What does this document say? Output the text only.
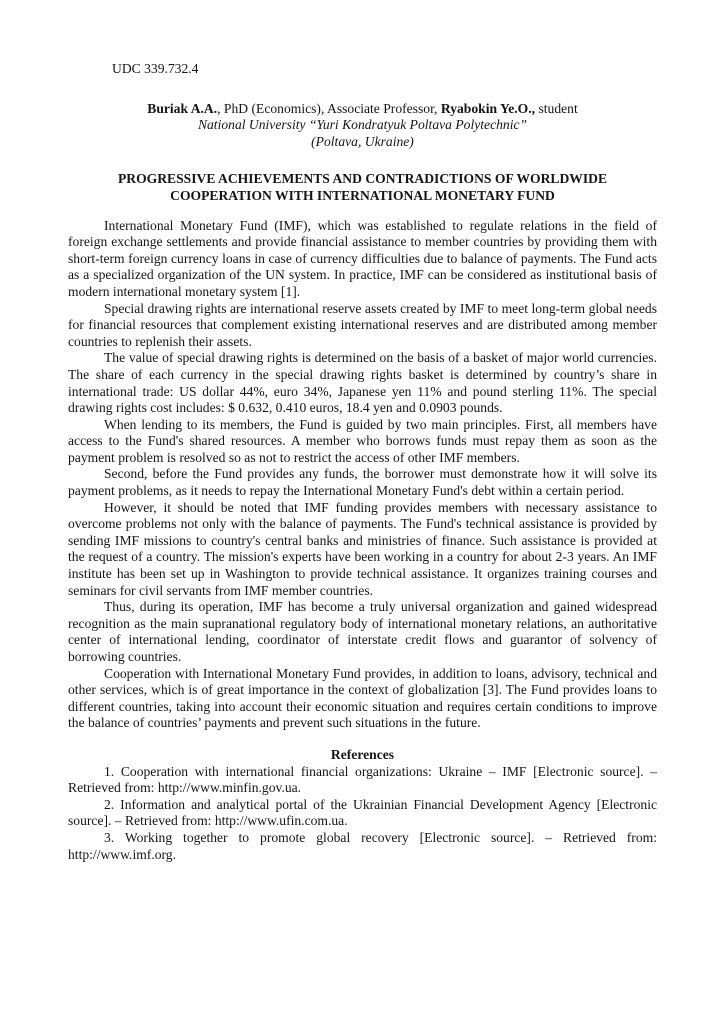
UDC 339.732.4
Buriak A.A., PhD (Economics), Associate Professor, Ryabokin Ye.O., student
National University “Yuri Kondratyuk Poltava Polytechnic”
(Poltava, Ukraine)
PROGRESSIVE ACHIEVEMENTS AND CONTRADICTIONS OF WORLDWIDE COOPERATION WITH INTERNATIONAL MONETARY FUND

International Monetary Fund (IMF), which was established to regulate relations in the field of foreign exchange settlements and provide financial assistance to member countries by providing them with short-term foreign currency loans in case of currency difficulties due to balance of payments. The Fund acts as a specialized organization of the UN system. In practice, IMF can be considered as institutional basis of modern international monetary system [1].

Special drawing rights are international reserve assets created by IMF to meet long-term global needs for financial resources that complement existing international reserves and are distributed among member countries to replenish their assets.

The value of special drawing rights is determined on the basis of a basket of major world currencies. The share of each currency in the special drawing rights basket is determined by country’s share in international trade: US dollar 44%, euro 34%, Japanese yen 11% and pound sterling 11%. The special drawing rights cost includes: $ 0.632, 0.410 euros, 18.4 yen and 0.0903 pounds.

When lending to its members, the Fund is guided by two main principles. First, all members have access to the Fund's shared resources. A member who borrows funds must repay them as soon as the payment problem is resolved so as not to restrict the access of other IMF members.

Second, before the Fund provides any funds, the borrower must demonstrate how it will solve its payment problems, as it needs to repay the International Monetary Fund's debt within a certain period.

However, it should be noted that IMF funding provides members with necessary assistance to overcome problems not only with the balance of payments. The Fund's technical assistance is provided by sending IMF missions to country's central banks and ministries of finance. Such assistance is provided at the request of a country. The mission's experts have been working in a country for about 2-3 years. An IMF institute has been set up in Washington to provide technical assistance. It organizes training courses and seminars for civil servants from IMF member countries.

Thus, during its operation, IMF has become a truly universal organization and gained widespread recognition as the main supranational regulatory body of international monetary relations, an authoritative center of international lending, coordinator of interstate credit flows and guarantor of solvency of borrowing countries.

Cooperation with International Monetary Fund provides, in addition to loans, advisory, technical and other services, which is of great importance in the context of globalization [3]. The Fund provides loans to different countries, taking into account their economic situation and requires certain conditions to improve the balance of countries’ payments and prevent such situations in the future.

References

1. Cooperation with international financial organizations: Ukraine – IMF [Electronic source]. – Retrieved from: http://www.minfin.gov.ua.

2. Information and analytical portal of the Ukrainian Financial Development Agency [Electronic source]. – Retrieved from: http://www.ufin.com.ua.

3. Working together to promote global recovery [Electronic source]. – Retrieved from: http://www.imf.org.
